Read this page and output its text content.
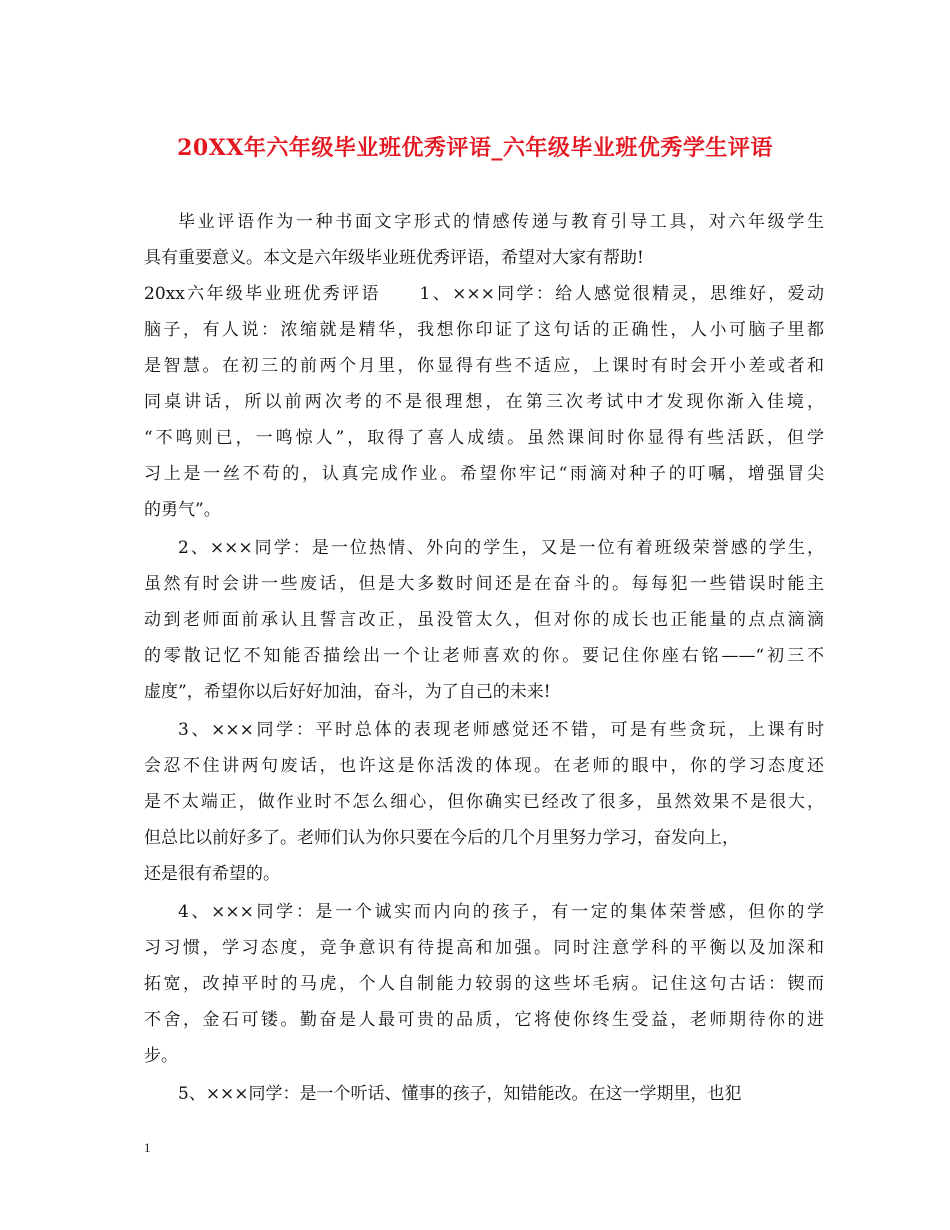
20XX年六年级毕业班优秀评语_六年级毕业班优秀学生评语
毕业评语作为一种书面文字形式的情感传递与教育引导工具，对六年级学生
具有重要意义。本文是六年级毕业班优秀评语，希望对大家有帮助!
20xx六年级毕业班优秀评语　　1、×××同学：给人感觉很精灵，思维好，爱动
脑子，有人说：浓缩就是精华，我想你印证了这句话的正确性，人小可脑子里都
是智慧。在初三的前两个月里，你显得有些不适应，上课时有时会开小差或者和
同桌讲话，所以前两次考的不是很理想，在第三次考试中才发现你渐入佳境，
“不鸣则已，一鸣惊人”，取得了喜人成绩。虽然课间时你显得有些活跃，但学
习上是一丝不苟的，认真完成作业。希望你牢记“雨滴对种子的叮嘱，增强冒尖
的勇气”。
2、×××同学：是一位热情、外向的学生，又是一位有着班级荣誉感的学生，
虽然有时会讲一些废话，但是大多数时间还是在奋斗的。每每犯一些错误时能主
动到老师面前承认且誓言改正，虽没管太久，但对你的成长也正能量的点点滴滴
的零散记忆不知能否描绘出一个让老师喜欢的你。要记住你座右铭——“初三不
虚度”，希望你以后好好加油，奋斗，为了自己的未来!
3、×××同学：平时总体的表现老师感觉还不错，可是有些贪玩，上课有时
会忍不住讲两句废话，也许这是你活泼的体现。在老师的眼中，你的学习态度还
是不太端正，做作业时不怎么细心，但你确实已经改了很多，虽然效果不是很大，
但总比以前好多了。老师们认为你只要在今后的几个月里努力学习，奋发向上，
还是很有希望的。
4、×××同学：是一个诚实而内向的孩子，有一定的集体荣誉感，但你的学
习习惯，学习态度，竞争意识有待提高和加强。同时注意学科的平衡以及加深和
拓宽，改掉平时的马虎，个人自制能力较弱的这些坏毛病。记住这句古话：锲而
不舍，金石可镂。勤奋是人最可贵的品质，它将使你终生受益，老师期待你的进
步。
5、×××同学：是一个听话、懂事的孩子，知错能改。在这一学期里，也犯
1
